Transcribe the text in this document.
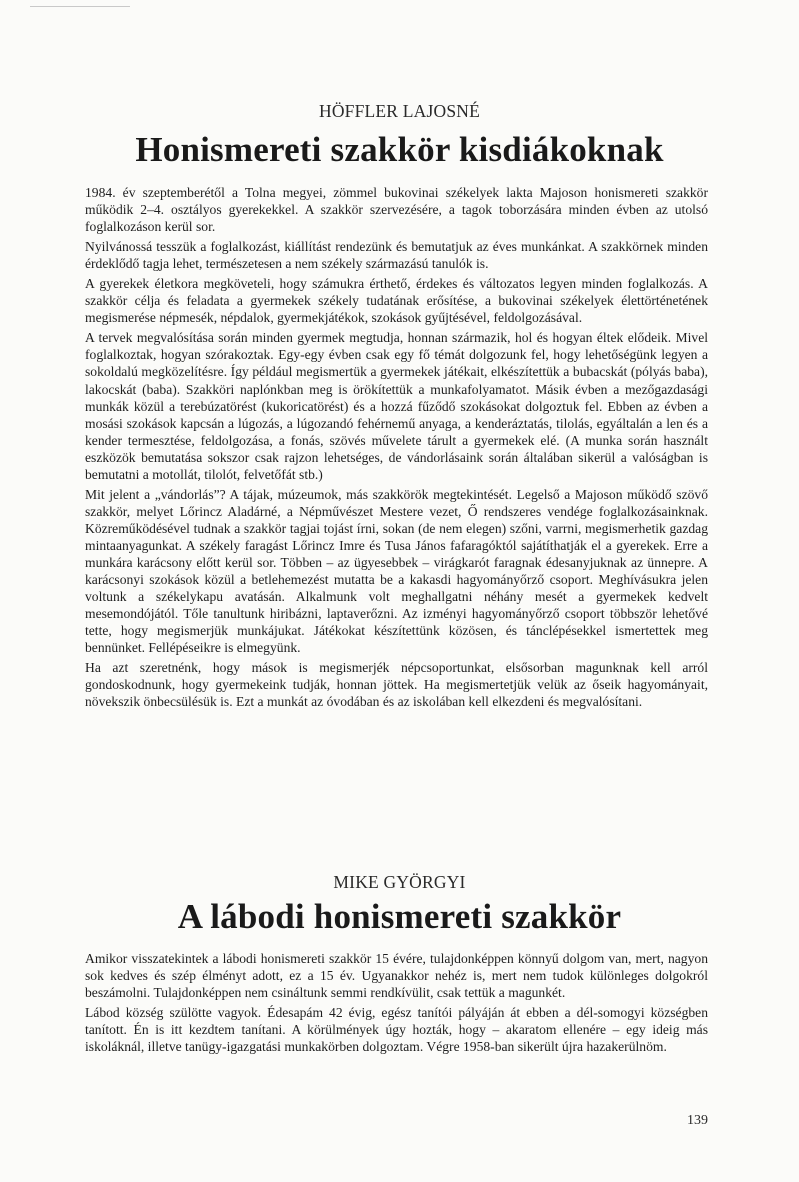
HÖFFLER LAJOSNÉ
Honismereti szakkör kisdiákoknak

1984. év szeptemberétől a Tolna megyei, zömmel bukovinai székelyek lakta Majoson honismereti szakkör működik 2–4. osztályos gyerekekkel. A szakkör szervezésére, a tagok toborzására minden évben az utolsó foglalkozáson kerül sor.

Nyilvánossá tesszük a foglalkozást, kiállítást rendezünk és bemutatjuk az éves munkánkat. A szakkörnek minden érdeklődő tagja lehet, természetesen a nem székely származású tanulók is.

A gyerekek életkora megköveteli, hogy számukra érthető, érdekes és változatos legyen minden foglalkozás. A szakkör célja és feladata a gyermekek székely tudatának erősítése, a bukovinai székelyek élettörténetének megismerése népmesék, népdalok, gyermekjátékok, szokások gyűjtésével, feldolgozásával.

A tervek megvalósítása során minden gyermek megtudja, honnan származik, hol és hogyan éltek elődeik. Mivel foglalkoztak, hogyan szórakoztak. Egy-egy évben csak egy fő témát dolgozunk fel, hogy lehetőségünk legyen a sokoldalú megközelítésre. Így például megismertük a gyermekek játékait, elkészítettük a bubacskát (pólyás baba), lakocskát (baba). Szakköri naplónkban meg is örökítettük a munkafolyamatot. Másik évben a mezőgazdasági munkák közül a terebúzatörést (kukoricatörést) és a hozzá fűződő szokásokat dolgoztuk fel. Ebben az évben a mosási szokások kapcsán a lúgozás, a lúgozandó fehérnemű anyaga, a kenderáztatás, tilolás, egyáltalán a len és a kender termesztése, feldolgozása, a fonás, szövés művelete tárult a gyermekek elé. (A munka során használt eszközök bemutatása sokszor csak rajzon lehetséges, de vándorlásaink során általában sikerül a valóságban is bemutatni a motollát, tilolót, felvetőfát stb.)

Mit jelent a „vándorlás”? A tájak, múzeumok, más szakkörök megtekintését. Legelső a Majoson működő szövő szakkör, melyet Lőrincz Aladárné, a Népművészet Mestere vezet, Ő rendszeres vendége foglalkozásainknak. Közreműködésével tudnak a szakkör tagjai tojást írni, sokan (de nem elegen) szőni, varrni, megismerhetik gazdag mintaanyagunkat. A székely faragást Lőrincz Imre és Tusa János fafaragóktól sajátíthatják el a gyerekek. Erre a munkára karácsony előtt kerül sor. Többen – az ügyesebbek – virágkarót faragnak édesanyjuknak az ünnepre. A karácsonyi szokások közül a betlehemezést mutatta be a kakasdi hagyományőrző csoport. Meghívásukra jelen voltunk a székelykapu avatásán. Alkalmunk volt meghallgatni néhány mesét a gyermekek kedvelt mesemondójától. Tőle tanultunk hiribázni, laptaverőzni. Az izményi hagyományőrző csoport többször lehetővé tette, hogy megismerjük munkájukat. Játékokat készítettünk közösen, és tánclépésekkel ismertettek meg bennünket. Fellépéseikre is elmegyünk.

Ha azt szeretnénk, hogy mások is megismerjék népcsoportunkat, elsősorban magunknak kell arról gondoskodnunk, hogy gyermekeink tudják, honnan jöttek. Ha megismertetjük velük az őseik hagyományait, növekszik önbecsülésük is. Ezt a munkát az óvodában és az iskolában kell elkezdeni és megvalósítani.

MIKE GYÖRGYI
A lábodi honismereti szakkör

Amikor visszatekintek a lábodi honismereti szakkör 15 évére, tulajdonképpen könnyű dolgom van, mert, nagyon sok kedves és szép élményt adott, ez a 15 év. Ugyanakkor nehéz is, mert nem tudok különleges dolgokról beszámolni. Tulajdonképpen nem csináltunk semmi rendkívülit, csak tettük a magunkét.

Lábod község szülötte vagyok. Édesapám 42 évig, egész tanítói pályáján át ebben a dél-somogyi községben tanított. Én is itt kezdtem tanítani. A körülmények úgy hozták, hogy – akaratom ellenére – egy ideig más iskoláknál, illetve tanügy-igazgatási munkakörben dolgoztam. Végre 1958-ban sikerült újra hazakerülnöm.

139
